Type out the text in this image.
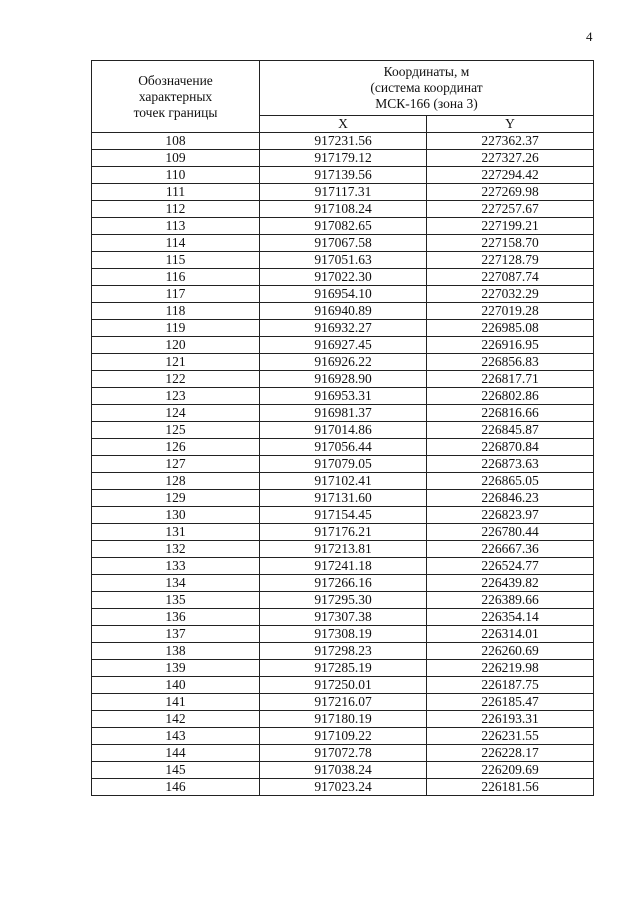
4
Обозначение
характерных
точек границы	Координаты, м
(система координат
МСК-166 (зона 3)	

	X	Y
108	917231.56	227362.37
109	917179.12	227327.26
110	917139.56	227294.42
111	917117.31	227269.98
112	917108.24	227257.67
113	917082.65	227199.21
114	917067.58	227158.70
115	917051.63	227128.79
116	917022.30	227087.74
117	916954.10	227032.29
118	916940.89	227019.28
119	916932.27	226985.08
120	916927.45	226916.95
121	916926.22	226856.83
122	916928.90	226817.71
123	916953.31	226802.86
124	916981.37	226816.66
125	917014.86	226845.87
126	917056.44	226870.84
127	917079.05	226873.63
128	917102.41	226865.05
129	917131.60	226846.23
130	917154.45	226823.97
131	917176.21	226780.44
132	917213.81	226667.36
133	917241.18	226524.77
134	917266.16	226439.82
135	917295.30	226389.66
136	917307.38	226354.14
137	917308.19	226314.01
138	917298.23	226260.69
139	917285.19	226219.98
140	917250.01	226187.75
141	917216.07	226185.47
142	917180.19	226193.31
143	917109.22	226231.55
144	917072.78	226228.17
145	917038.24	226209.69
146	917023.24	226181.56
